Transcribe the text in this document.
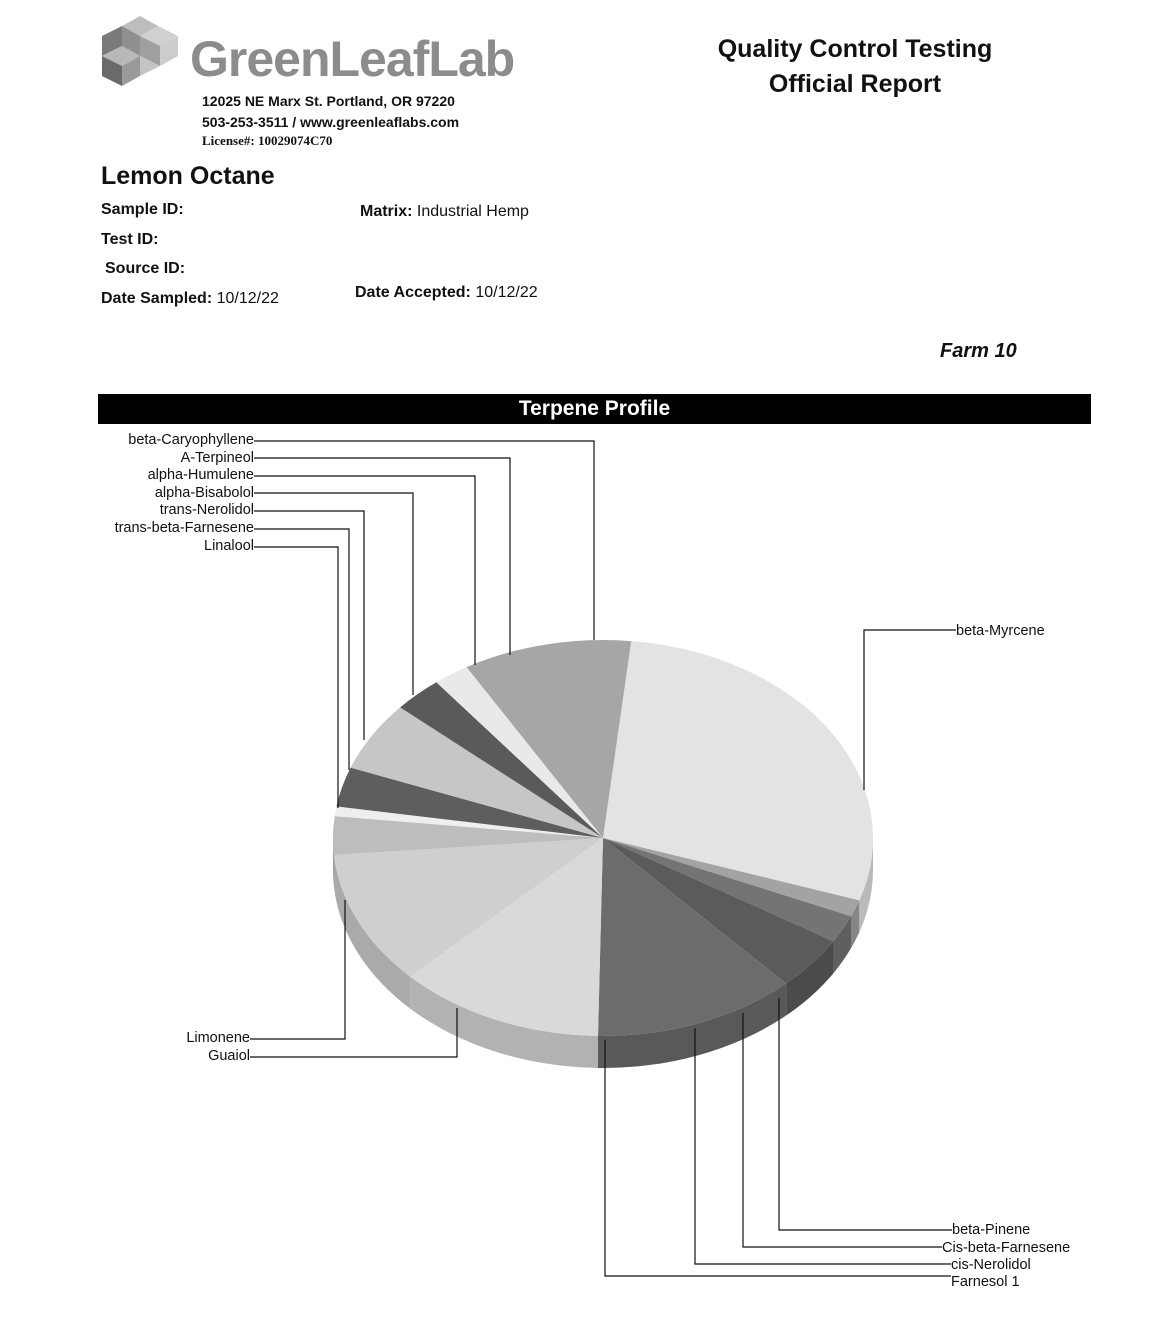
GreenLeafLab
12025 NE Marx St. Portland, OR 97220
503-253-3511 / www.greenleaflabs.com
License#: 10029074C70
Quality Control Testing
Official Report
Lemon Octane
Sample ID:
Test ID:
Source ID:
Date Sampled: 10/12/22
Matrix: Industrial Hemp
Date Accepted: 10/12/22
Farm 10
Terpene Profile
beta-Caryophyllene
A-Terpineol
alpha-Humulene
alpha-Bisabolol
trans-Nerolidol
trans-beta-Farnesene
Linalool
beta-Myrcene
Limonene
Guaiol
beta-Pinene
Cis-beta-Farnesene
cis-Nerolidol
Farnesol 1
